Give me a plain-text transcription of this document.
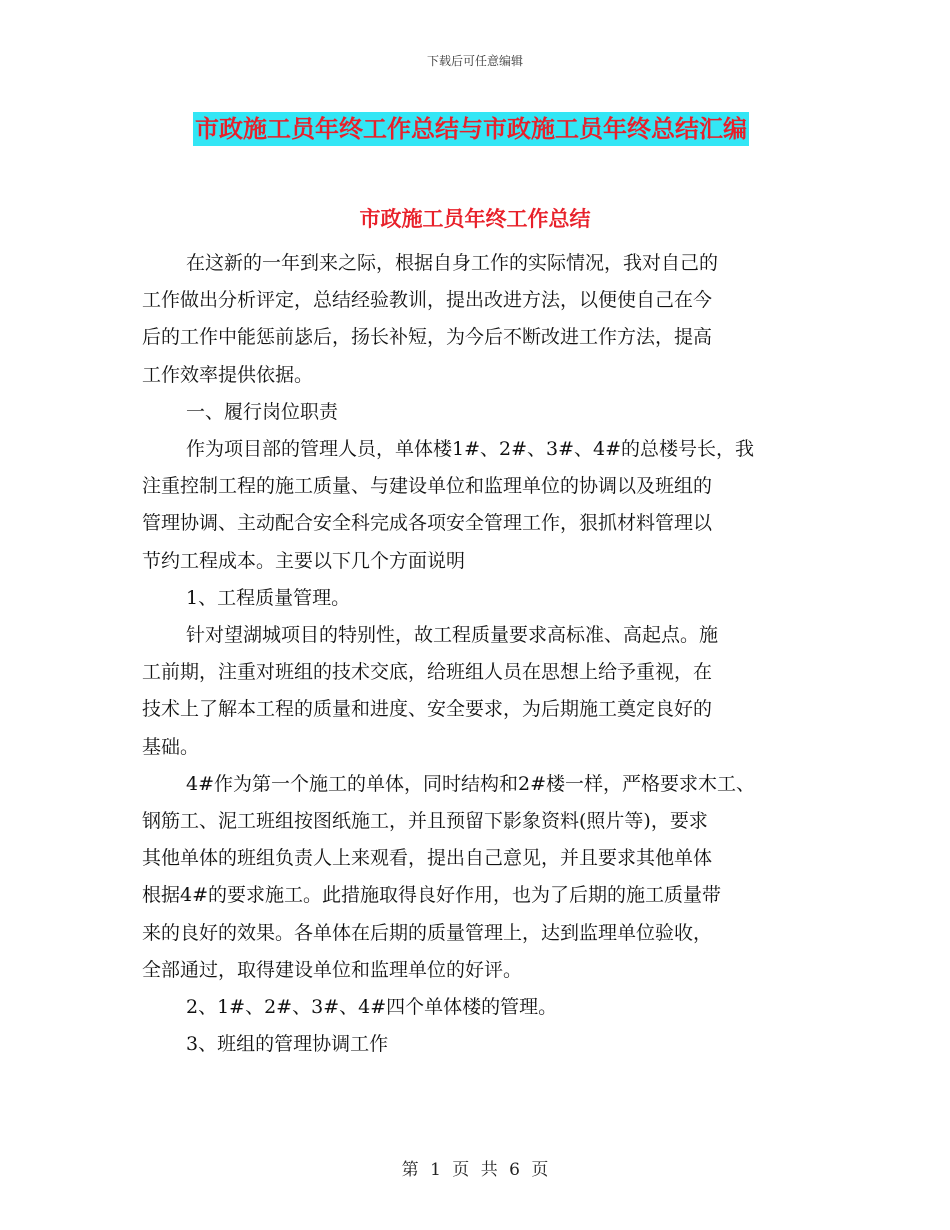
下载后可任意编辑
市政施工员年终工作总结与市政施工员年终总结汇编
市政施工员年终工作总结

在这新的一年到来之际，根据自身工作的实际情况，我对自己的

工作做出分析评定，总结经验教训，提出改进方法，以便使自己在今

后的工作中能惩前毖后，扬长补短，为今后不断改进工作方法，提高

工作效率提供依据。

一、履行岗位职责

作为项目部的管理人员，单体楼1#、2#、3#、4#的总楼号长，我

注重控制工程的施工质量、与建设单位和监理单位的协调以及班组的

管理协调、主动配合安全科完成各项安全管理工作，狠抓材料管理以

节约工程成本。主要以下几个方面说明

1、工程质量管理。

针对望湖城项目的特别性，故工程质量要求高标准、高起点。施

工前期，注重对班组的技术交底，给班组人员在思想上给予重视，在

技术上了解本工程的质量和进度、安全要求，为后期施工奠定良好的

基础。

4#作为第一个施工的单体，同时结构和2#楼一样，严格要求木工、

钢筋工、泥工班组按图纸施工，并且预留下影象资料(照片等)，要求

其他单体的班组负责人上来观看，提出自己意见，并且要求其他单体

根据4#的要求施工。此措施取得良好作用，也为了后期的施工质量带

来的良好的效果。各单体在后期的质量管理上，达到监理单位验收，

全部通过，取得建设单位和监理单位的好评。

2、1#、2#、3#、4#四个单体楼的管理。

3、班组的管理协调工作

第 1 页 共 6 页
